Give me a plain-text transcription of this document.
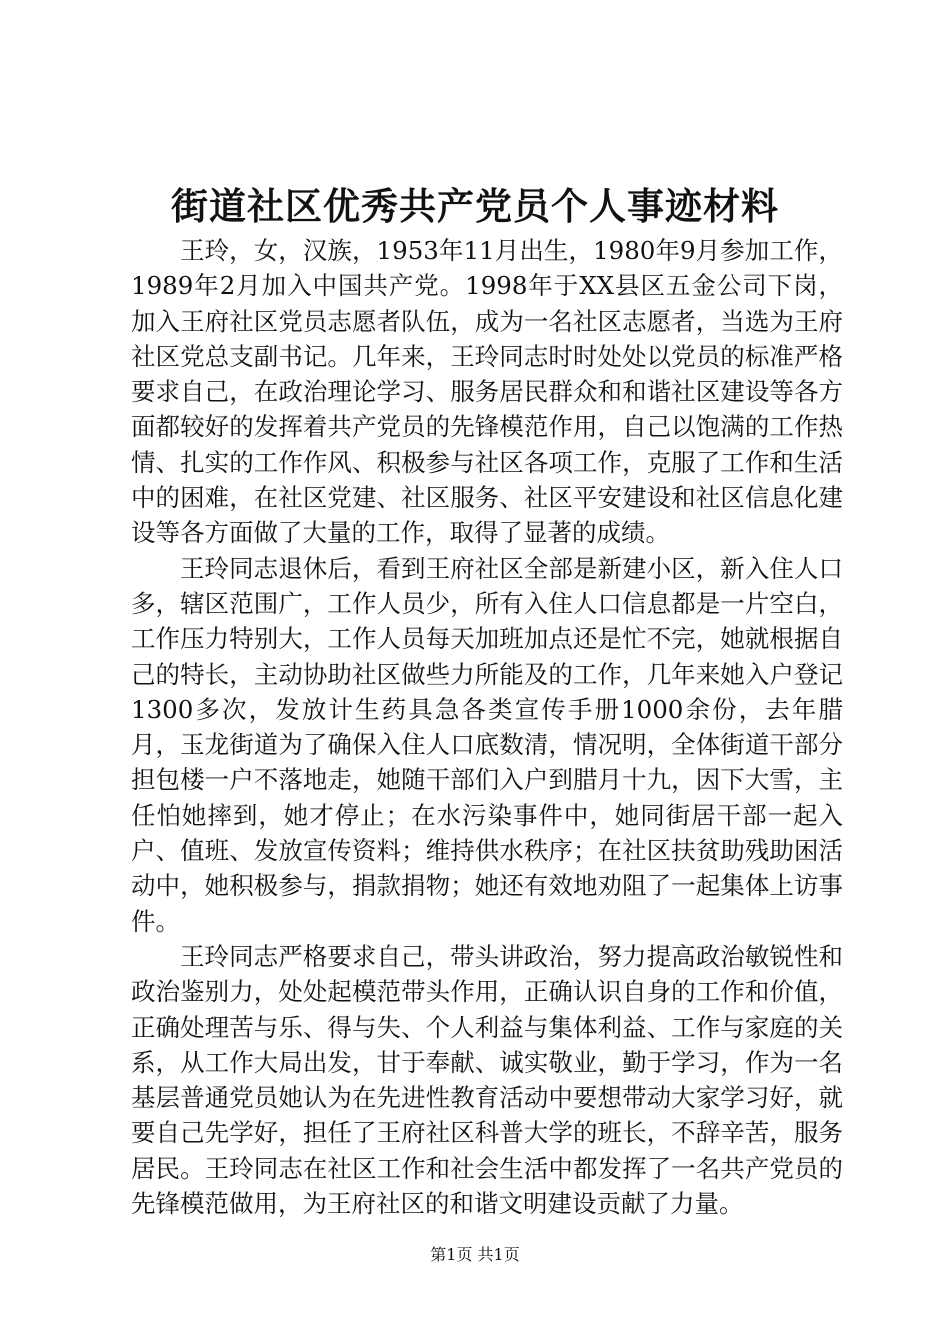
街道社区优秀共产党员个人事迹材料

王玲，女，汉族，1953年11月出生，1980年9月参加工作，1989年2月加入中国共产党。1998年于XX县区五金公司下岗，加入王府社区党员志愿者队伍，成为一名社区志愿者，当选为王府社区党总支副书记。几年来，王玲同志时时处处以党员的标准严格要求自己，在政治理论学习、服务居民群众和和谐社区建设等各方面都较好的发挥着共产党员的先锋模范作用，自己以饱满的工作热情、扎实的工作作风、积极参与社区各项工作，克服了工作和生活中的困难，在社区党建、社区服务、社区平安建设和社区信息化建设等各方面做了大量的工作，取得了显著的成绩。

王玲同志退休后，看到王府社区全部是新建小区，新入住人口多，辖区范围广，工作人员少，所有入住人口信息都是一片空白，工作压力特别大，工作人员每天加班加点还是忙不完，她就根据自己的特长，主动协助社区做些力所能及的工作，几年来她入户登记1300多次，发放计生药具急各类宣传手册1000余份，去年腊月，玉龙街道为了确保入住人口底数清，情况明，全体街道干部分担包楼一户不落地走，她随干部们入户到腊月十九，因下大雪，主任怕她摔到，她才停止；在水污染事件中，她同街居干部一起入户、值班、发放宣传资料；维持供水秩序；在社区扶贫助残助困活动中，她积极参与，捐款捐物；她还有效地劝阻了一起集体上访事件。

王玲同志严格要求自己，带头讲政治，努力提高政治敏锐性和政治鉴别力，处处起模范带头作用，正确认识自身的工作和价值，正确处理苦与乐、得与失、个人利益与集体利益、工作与家庭的关系，从工作大局出发，甘于奉献、诚实敬业，勤于学习，作为一名基层普通党员她认为在先进性教育活动中要想带动大家学习好，就要自己先学好，担任了王府社区科普大学的班长，不辞辛苦，服务居民。王玲同志在社区工作和社会生活中都发挥了一名共产党员的先锋模范做用，为王府社区的和谐文明建设贡献了力量。

第1页 共1页
